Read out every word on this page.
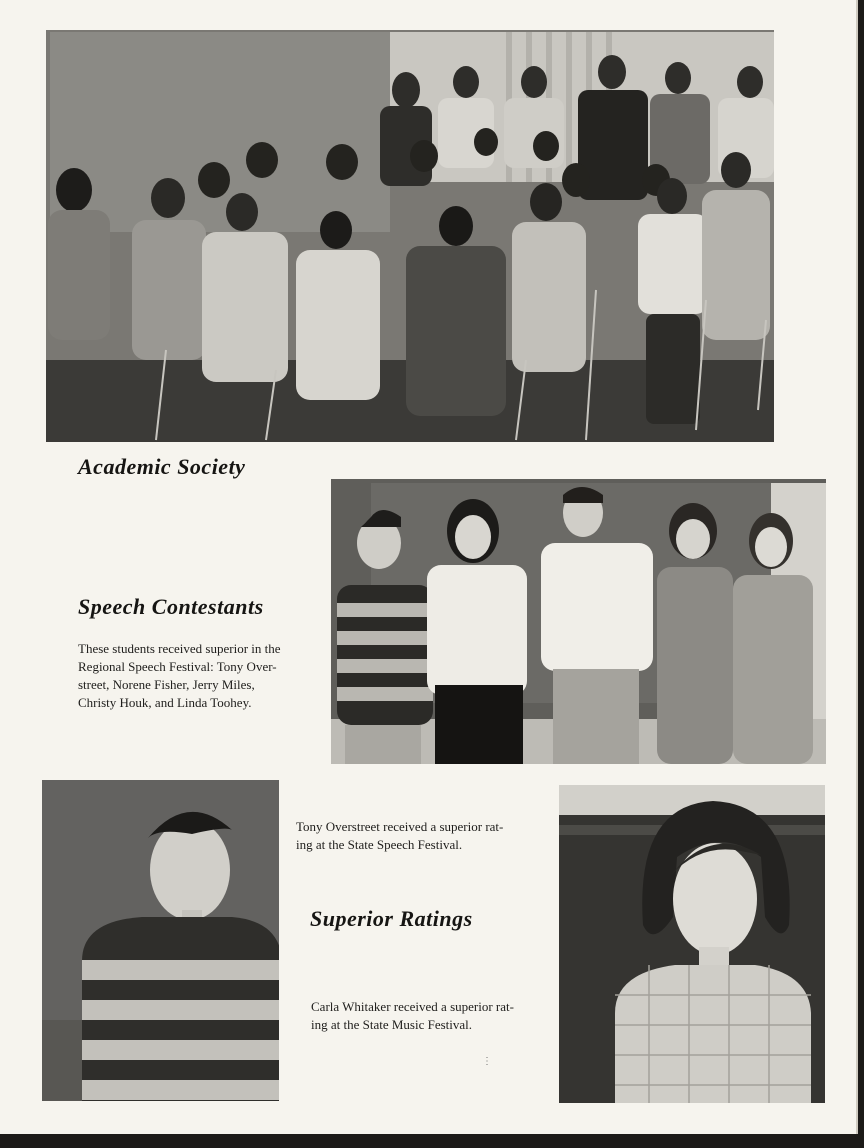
Academic Society
Speech Contestants
These students received superior in the
Regional Speech Festival: Tony Over-
street, Norene Fisher, Jerry Miles,
Christy Houk, and Linda Toohey.
Tony Overstreet received a superior rat-
ing at the State Speech Festival.
Superior Ratings
Carla Whitaker received a superior rat-
ing at the State Music Festival.
⋮
